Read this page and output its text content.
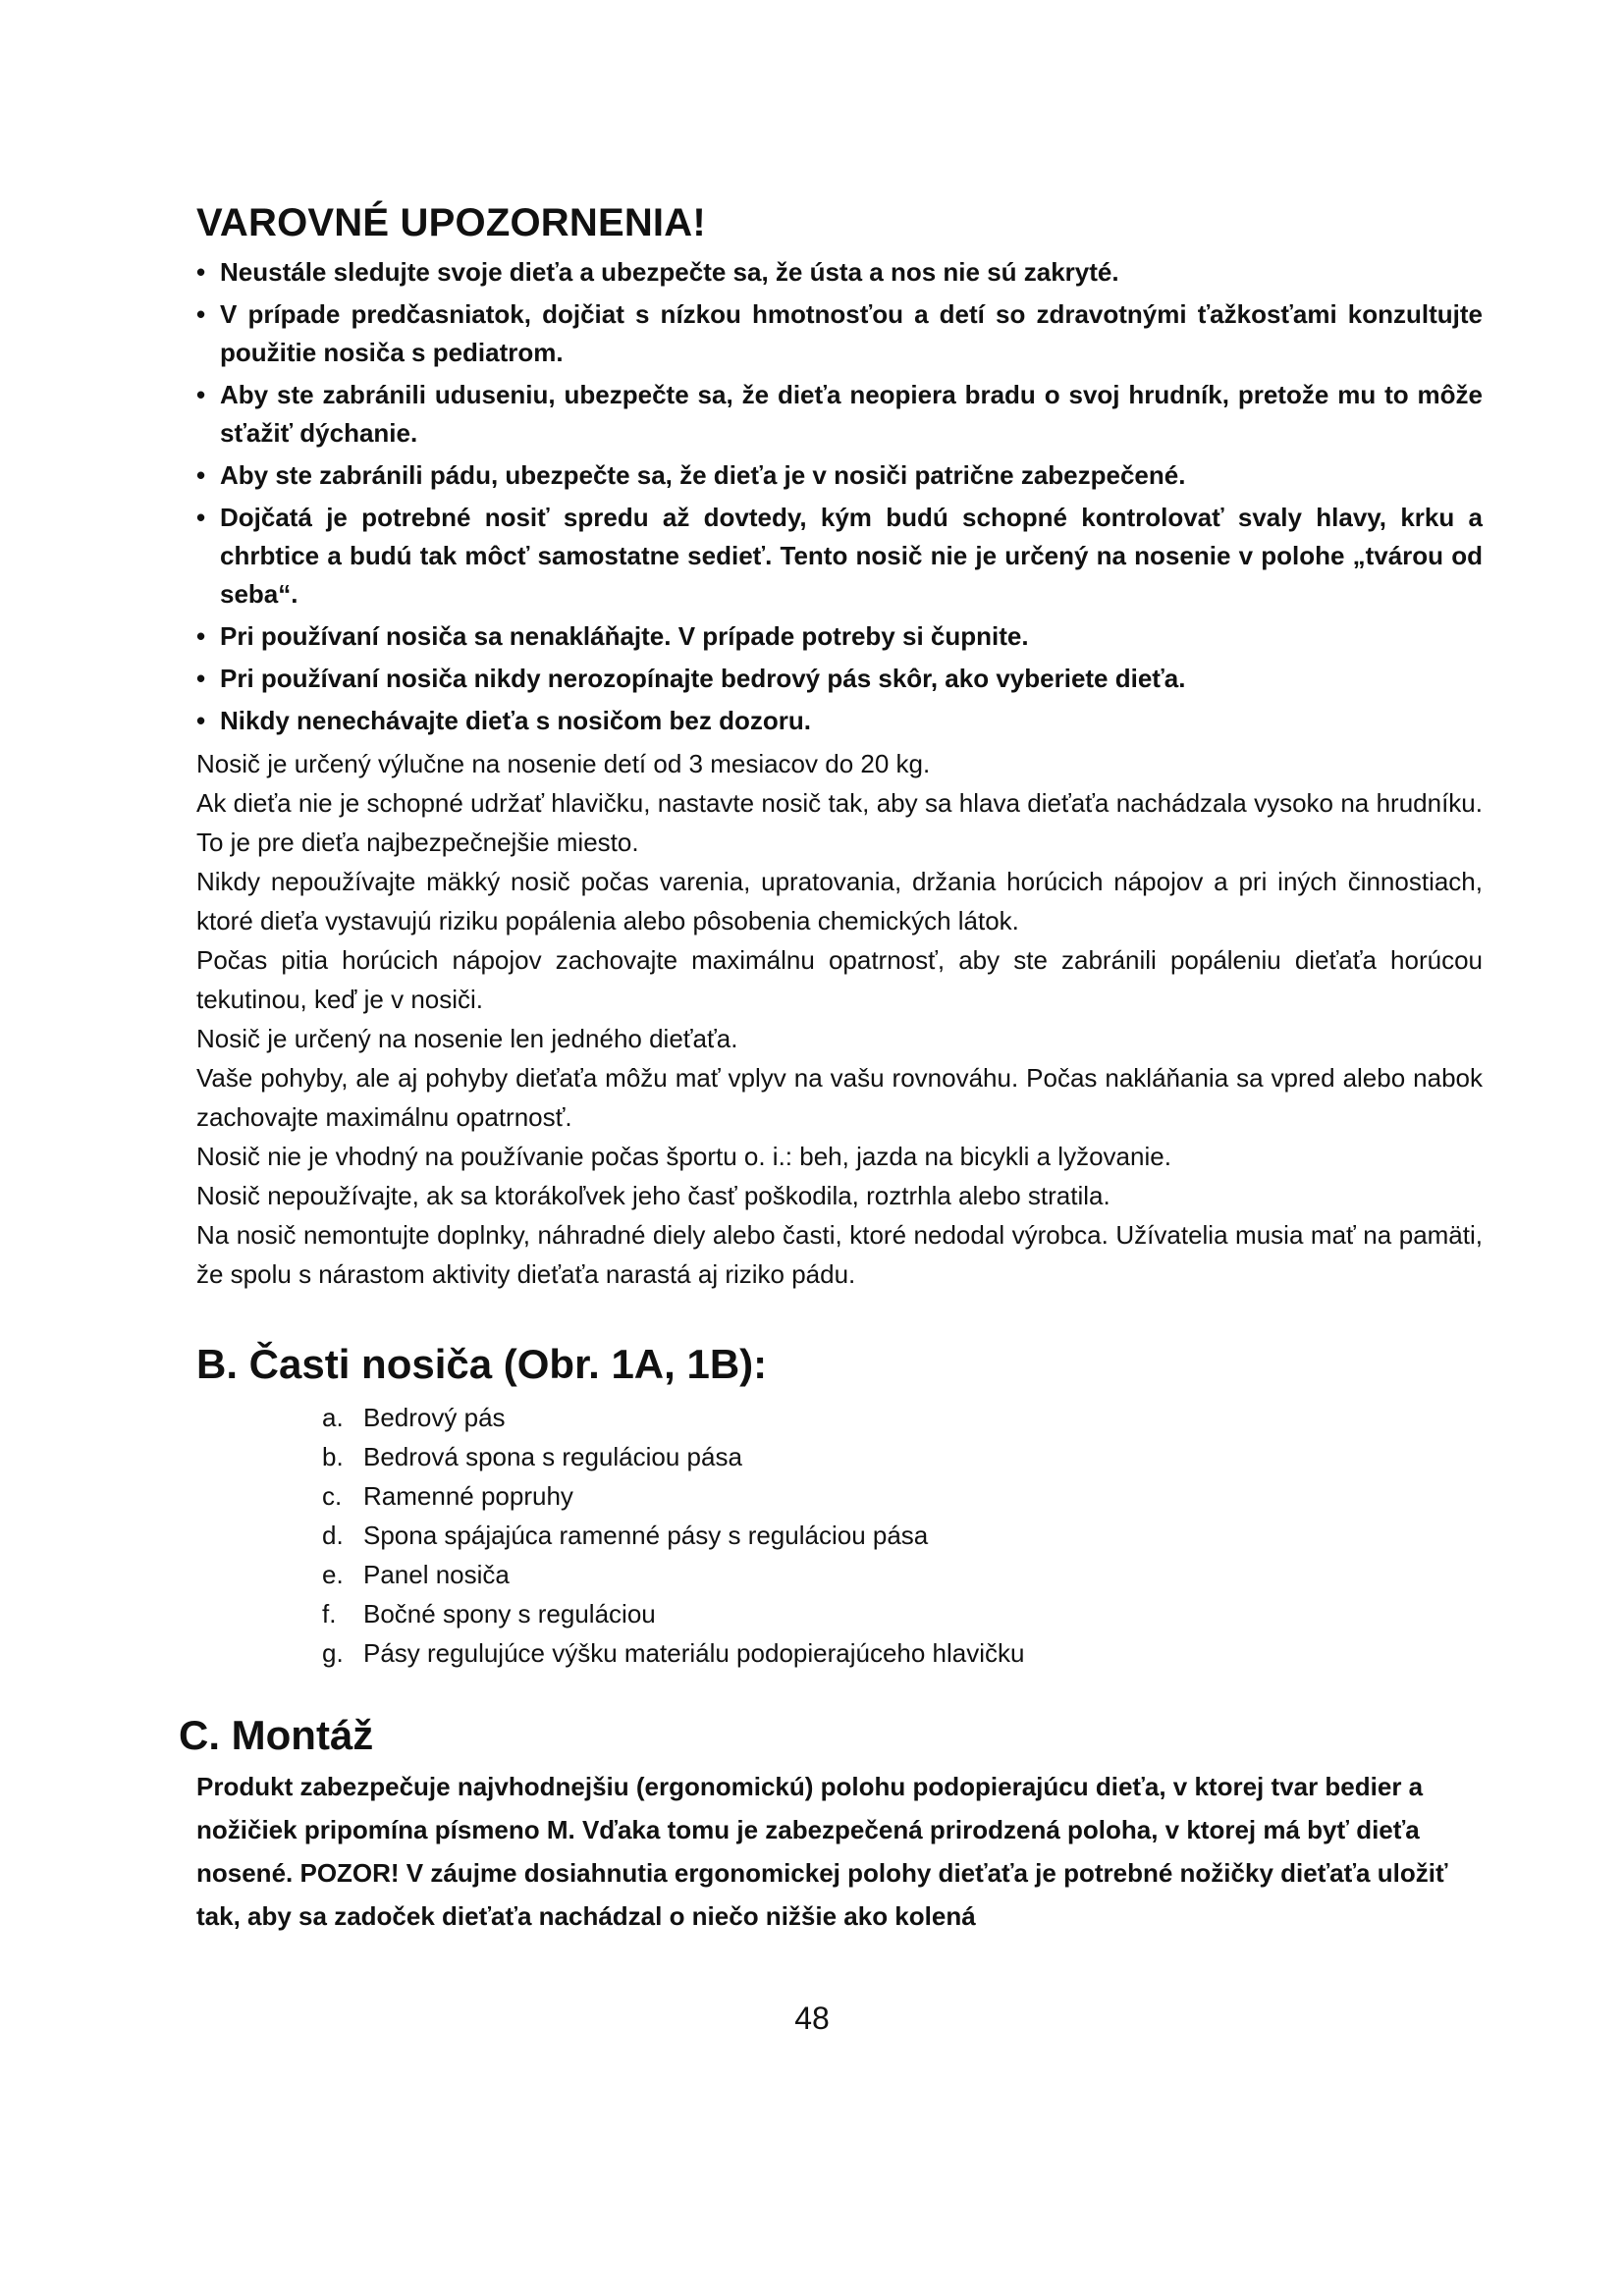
VAROVNÉ UPOZORNENIA!
• Neustále sledujte svoje dieťa a ubezpečte sa, že ústa a nos nie sú zakryté.
• V prípade predčasniatok, dojčiat s nízkou hmotnosťou a detí so zdravotnými ťažkosťami konzultujte použitie nosiča s pediatrom.
• Aby ste zabránili uduseniu, ubezpečte sa, že dieťa neopiera bradu o svoj hrudník, pretože mu to môže sťažiť dýchanie.
• Aby ste zabránili pádu, ubezpečte sa, že dieťa je v nosiči patrične zabezpečené.
• Dojčatá je potrebné nosiť spredu až dovtedy, kým budú schopné kontrolovať svaly hlavy, krku a chrbtice a budú tak môcť samostatne sedieť. Tento nosič nie je určený na nosenie v polohe „tvárou od seba“.
• Pri používaní nosiča sa nenakláňajte. V prípade potreby si čupnite.
• Pri používaní nosiča nikdy nerozopínajte bedrový pás skôr, ako vyberiete dieťa.
• Nikdy nenechávajte dieťa s nosičom bez dozoru.

Nosič je určený výlučne na nosenie detí od 3 mesiacov do 20 kg.

Ak dieťa nie je schopné udržať hlavičku, nastavte nosič tak, aby sa hlava dieťaťa nachádzala vysoko na hrudníku. To je pre dieťa najbezpečnejšie miesto.

Nikdy nepoužívajte mäkký nosič počas varenia, upratovania, držania horúcich nápojov a pri iných činnostiach, ktoré dieťa vystavujú riziku popálenia alebo pôsobenia chemických látok.

Počas pitia horúcich nápojov zachovajte maximálnu opatrnosť, aby ste zabránili popáleniu dieťaťa horúcou tekutinou, keď je v nosiči.

Nosič je určený na nosenie len jedného dieťaťa.

Vaše pohyby, ale aj pohyby dieťaťa môžu mať vplyv na vašu rovnováhu. Počas nakláňania sa vpred alebo nabok zachovajte maximálnu opatrnosť.

Nosič nie je vhodný na používanie počas športu o. i.: beh, jazda na bicykli a lyžovanie.

Nosič nepoužívajte, ak sa ktorákoľvek jeho časť poškodila, roztrhla alebo stratila.

Na nosič nemontujte doplnky, náhradné diely alebo časti, ktoré nedodal výrobca. Užívatelia musia mať na pamäti, že spolu s nárastom aktivity dieťaťa narastá aj riziko pádu.

B. Časti nosiča (Obr. 1A, 1B):
a. Bedrový pás
b. Bedrová spona s reguláciou pása
c. Ramenné popruhy
d. Spona spájajúca ramenné pásy s reguláciou pása
e. Panel nosiča
f. Bočné spony s reguláciou
g. Pásy regulujúce výšku materiálu podopierajúceho hlavičku
C. Montáž

Produkt zabezpečuje najvhodnejšiu (ergonomickú) polohu podopierajúcu dieťa, v ktorej tvar bedier a nožičiek pripomína písmeno M. Vďaka tomu je zabezpečená prirodzená poloha, v ktorej má byť dieťa nosené. POZOR! V záujme dosiahnutia ergonomickej polohy dieťaťa je potrebné nožičky dieťaťa uložiť tak, aby sa zadoček dieťaťa nachádzal o niečo nižšie ako kolená

48
